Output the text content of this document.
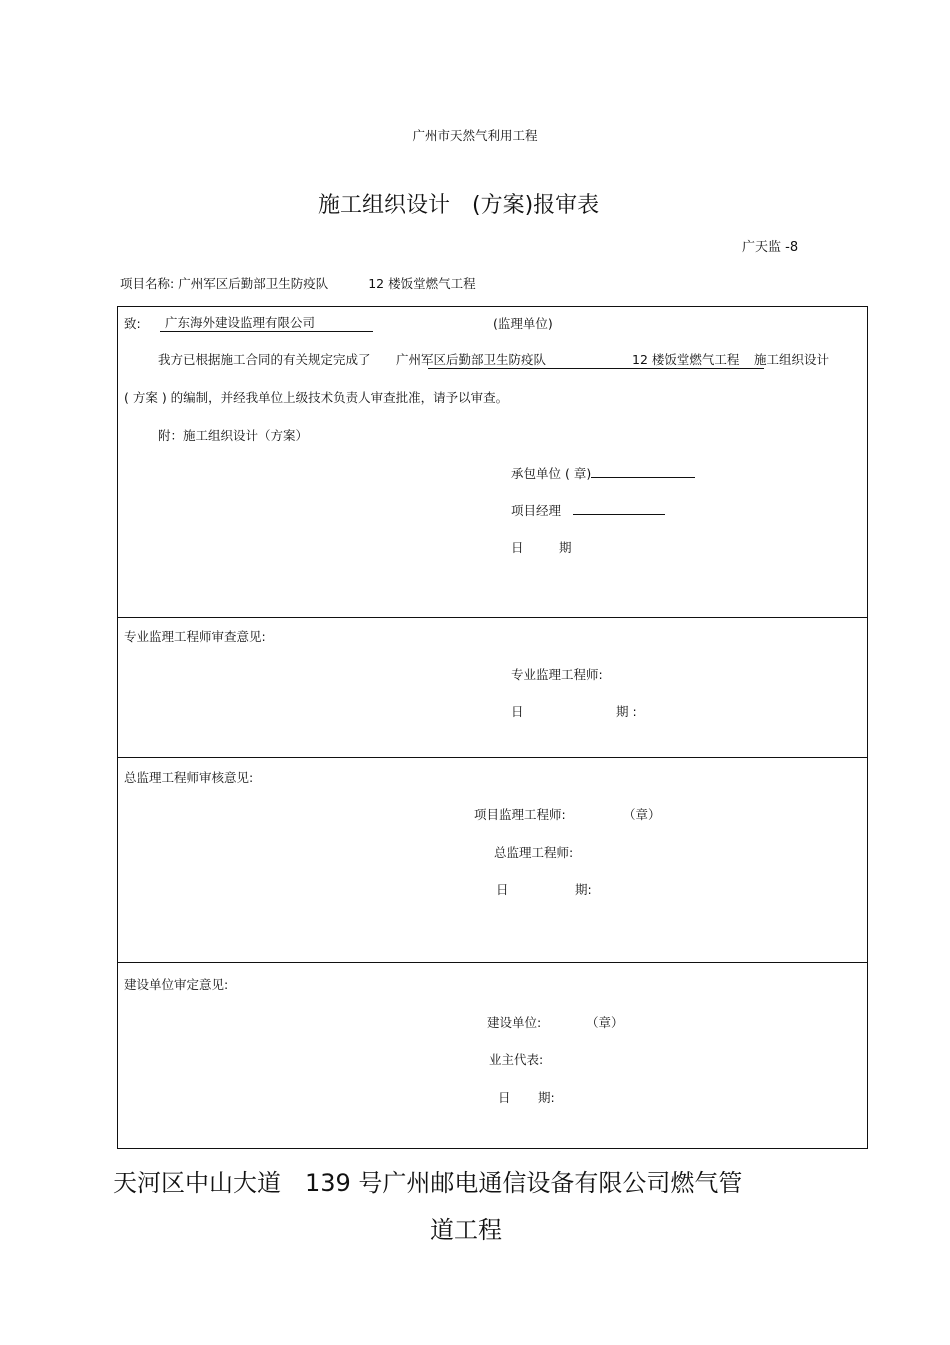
广州市天然气利用工程
施工组织设计　(方案)报审表
广天监 -8
项目名称: 广州军区后勤部卫生防疫队	12 楼饭堂燃气工程
致:	广东海外建设监理有限公司	(监理单位)
我方已根据施工合同的有关规定完成了 广州军区后勤部卫生防疫队	12 楼饭堂燃气工程 施工组织设计
( 方案 ) 的编制，并经我单位上级技术负责人审查批准，请予以审查。
附：施工组织设计（方案）
承包单位 ( 章)
项目经理
日	期
专业监理工程师审查意见:
专业监理工程师:
日	期 :
总监理工程师审核意见:
项目监理工程师:	（章）
总监理工程师:
日	期:
建设单位审定意见:
建设单位:	（章）
业主代表:
日 期:
天河区中山大道　139 号广州邮电通信设备有限公司燃气管
道工程
